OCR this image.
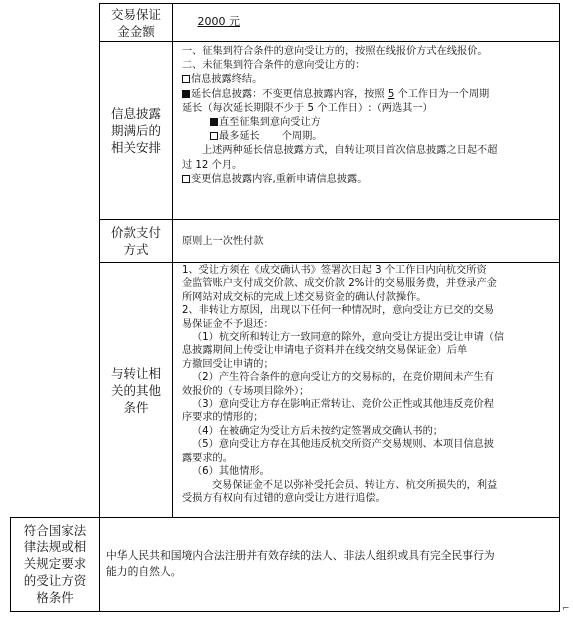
交易保证
金金额
2000 元
信息披露
期满后的
相关安排
一、征集到符合条件的意向受让方的，按照在线报价方式在线报价。
二、未征集到符合条件的意向受让方的：
信息披露终结。
延长信息披露：不变更信息披露内容，按照 5 个工作日为一个周期
延长（每次延长期限不少于 5 个工作日）:（两选其一）
直至征集到意向受让方
最多延长 个周期。
上述两种延长信息披露方式，自转让项目首次信息披露之日起不超
过 12 个月。
变更信息披露内容,重新申请信息披露。
价款支付
方式
原则上一次性付款
与转让相
关的其他
条件
1、受让方须在《成交确认书》签署次日起 3 个工作日内向杭交所资
金监管账户支付成交价款、成交价款 2%计的交易服务费，并登录产金
所网站对成交标的完成上述交易资金的确认付款操作。
2、非转让方原因，出现以下任何一种情况时，意向受让方已交的交易
易保证金不予退还：
（1）杭交所和转让方一致同意的除外，意向受让方提出受让申请（信
息披露期间上传受让申请电子资料并在线交纳交易保证金）后单
方撤回受让申请的；
（2）产生符合条件的意向受让方的交易标的，在竞价期间未产生有
效报价的（专场项目除外）；
（3）意向受让方存在影响正常转让、竞价公正性或其他违反竞价程
序要求的情形的；
（4）在被确定为受让方后未按约定签署成交确认书的；
（5）意向受让方存在其他违反杭交所资产交易规则、本项目信息披
露要求的。
（6）其他情形。
交易保证金不足以弥补受托会员、转让方、杭交所损失的，利益
受损方有权向有过错的意向受让方进行追偿。
符合国家法
律法规或相
关规定要求
的受让方资
格条件
中华人民共和国境内合法注册并有效存续的法人、非法人组织或具有完全民事行为
能力的自然人。
⌐
